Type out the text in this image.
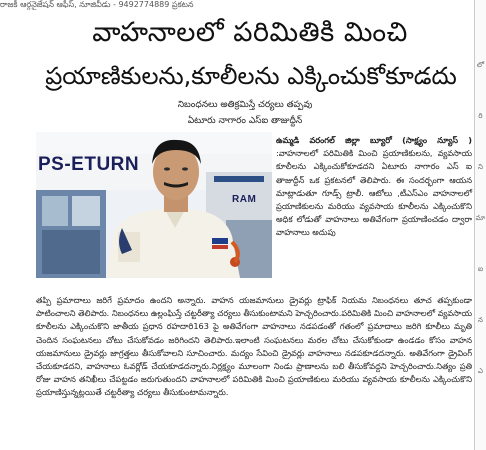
రాజకీ ఆర్గనైజేషన్ ఆఫీస్, నూజివీడు - 9492774889 ప్రకటన
లో
రి
ని
మా
ఐ
న
ఎ
వాహనాలలో పరిమితికి మించి
ప్రయాణికులను,కూలీలను ఎక్కించుకోకూడదు
నిబంధనలు అతిక్రమిస్తే చర్యలు తప్పవు
ఏటూరు నాగారం ఎస్ఐ తాజుద్దీన్
PS-ETURN
RAM
ఉమ్మడి వరంగల్ జిల్లా బ్యూరో (సాక్ష్యం న్యూస్ ) :వాహనాలలో పరిమితికి మించి ప్రయాణికులను, వ్యవసాయ కూలీలను ఎక్కించుకోకూడదని ఏటూరు నాగారం ఎస్ ఐ తాజుద్దీన్ ఒక ప్రకటనలో తెలిపారు. ఈ సందర్భంగా ఆయన మాట్లాడుతూ గూడ్స్ ట్రాలీ. ఆటోలు ,టీఎస్ఎం వాహనాలలో ప్రయాణికులను మరియు వ్యవసాయ కూలీలను ఎక్కించుకొని అధిక లోడుతో వాహనాలు అతివేగంగా ప్రయాణించడం ద్వారా వాహనాలు అదుపు
తప్పి ప్రమాదాలు జరిగే ప్రమాదం ఉందని అన్నారు. వాహన యజమానులు డ్రైవర్లు ట్రాఫిక్ నియమ నిబంధనలు తూచ తప్పకుండా పాటించాలని తెలిపారు. నిబంధనలు ఉల్లంఘిస్తే చట్టరీత్యా చర్యలు తీసుకుంటామని హెచ్చరించారు.పరిమితికి మించి వాహనాలలో వ్యవసాయ కూలీలను ఎక్కించుకొని జాతీయ ప్రధాన రహదారి163 పై అతివేగంగా వాహనాలు నడపడంతో గతంలో ప్రమాదాలు జరిగి కూలీలు మృతి చెందిన సంఘటనలు చోటు చేసుకోవడం జరిగిందని తెలిపారు.ఇలాంటి సంఘటనలు మరల చోటు చేసుకోకుండా ఉండడం కోసం వాహన యజమానులు డ్రైవర్లు జాగ్రత్తలు తీసుకోవాలని సూచించారు. మద్యం సేవించి డ్రైవర్లు వాహనాలు నడపకూడదన్నారు. అతివేగంగా డ్రైవింగ్ చేయకూడదని, వాహనాలు ఓవర్లోడ్ చేయకూడదన్నారు.నిర్లక్ష్యం మూలంగా నిండు ప్రాణాలను బలి తీసుకోవద్దని హెచ్చరించారు.నిత్యం ప్రతి రోజు వాహన తనిఖీలు చేపట్టడం జరుగుతుందని వాహనాలలో పరిమితికి మించి ప్రయాణికులు మరియు వ్యవసాయ కూలీలను ఎక్కించుకొని ప్రయాణిస్తున్నట్లయితే చట్టరీత్యా చర్యలు తీసుకుంటామన్నారు.
